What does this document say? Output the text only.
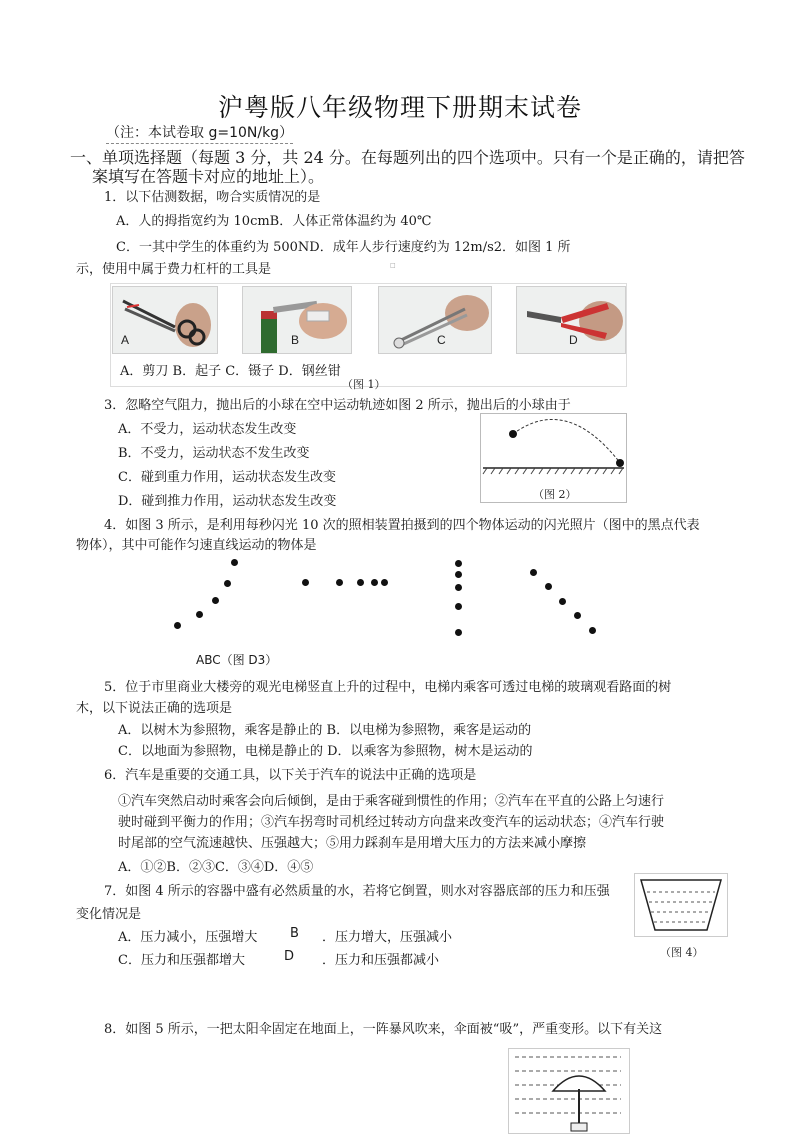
沪粤版八年级物理下册期末试卷
（注：本试卷取 g=10N/kg）
一、单项选择题（每题 3 分，共 24 分。在每题列出的四个选项中。只有一个是正确的，请把答
案填写在答题卡对应的地址上）。
1．以下估测数据，吻合实质情况的是
A．人的拇指宽约为 10cmB．人体正常体温约为 40℃
C．一其中学生的体重约为 500ND．成年人步行速度约为 12m/s2．如图 1 所
示，使用中属于费力杠杆的工具是	□
A	B	C	D
A．剪刀 B．起子 C．镊子 D．钢丝钳
（图 1）
3．忽略空气阻力，抛出后的小球在空中运动轨迹如图 2 所示，抛出后的小球由于
A．不受力，运动状态发生改变
B．不受力，运动状态不发生改变
C．碰到重力作用，运动状态发生改变
D．碰到推力作用，运动状态发生改变	（图 2）
4．如图 3 所示，是利用每秒闪光 10 次的照相装置拍摄到的四个物体运动的闪光照片（图中的黑点代表
物体），其中可能作匀速直线运动的物体是
ABC（图 D3）
5．位于市里商业大楼旁的观光电梯竖直上升的过程中，电梯内乘客可透过电梯的玻璃观看路面的树
木，以下说法正确的选项是
A．以树木为参照物，乘客是静止的 B．以电梯为参照物，乘客是运动的
C．以地面为参照物，电梯是静止的 D．以乘客为参照物，树木是运动的
6．汽车是重要的交通工具，以下关于汽车的说法中正确的选项是
①汽车突然启动时乘客会向后倾倒，是由于乘客碰到惯性的作用；②汽车在平直的公路上匀速行
驶时碰到平衡力的作用；③汽车拐弯时司机经过转动方向盘来改变汽车的运动状态；④汽车行驶
时尾部的空气流速越快、压强越大；⑤用力踩刹车是用增大压力的方法来减小摩擦
A．①②B．②③C．③④D．④⑤
7．如图 4 所示的容器中盛有必然质量的水，若将它倒置，则水对容器底部的压力和压强
变化情况是
A．压力减小，压强增大	B ．压力增大，压强减小
C．压力和压强都增大	D ．压力和压强都减小
（图 4）
8．如图 5 所示，一把太阳伞固定在地面上，一阵暴风吹来，伞面被“吸”，严重变形。以下有关这
